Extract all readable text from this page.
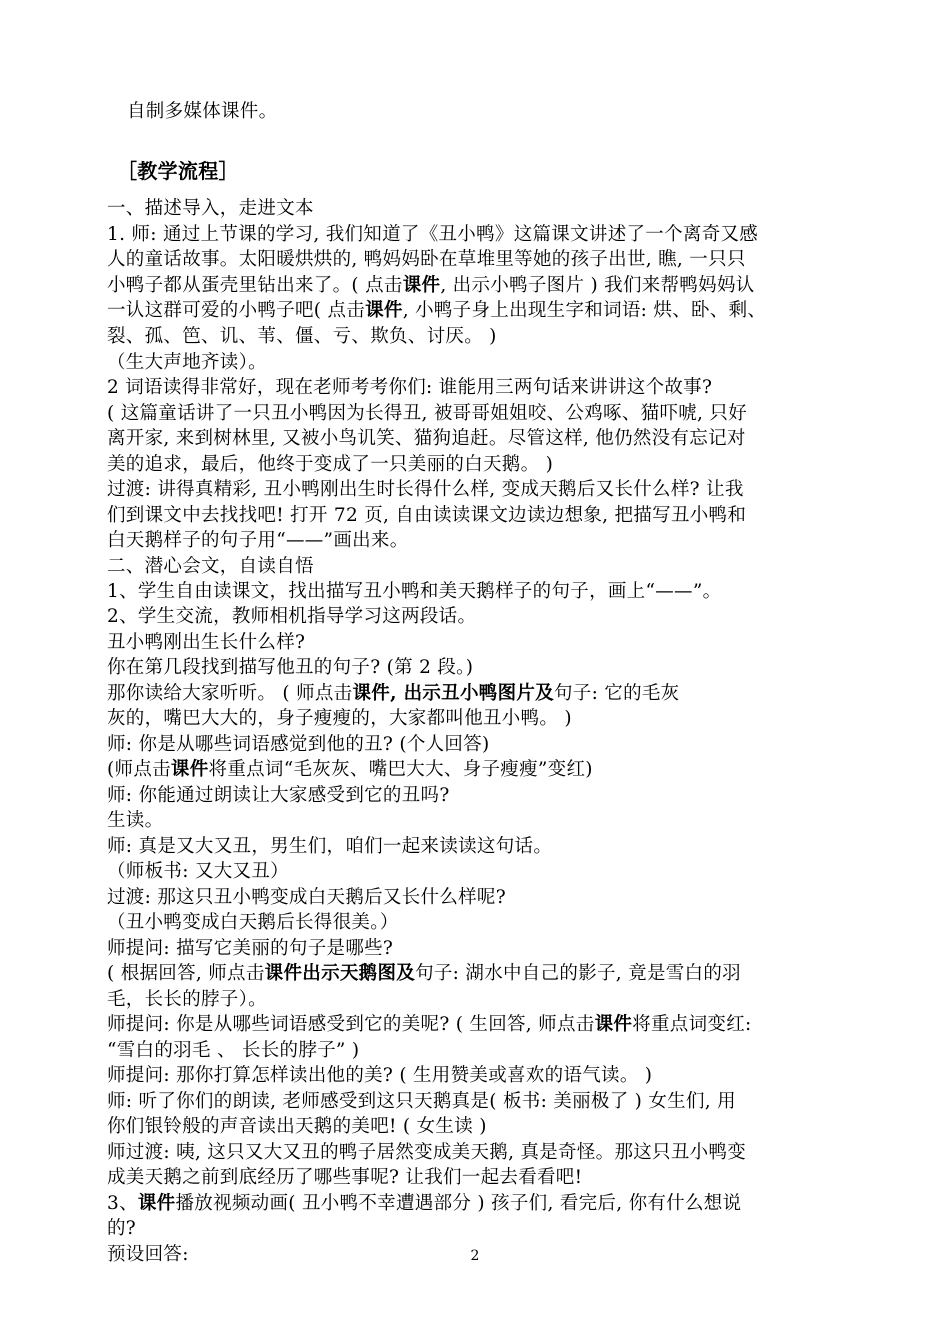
2
自制多媒体课件。
［教学流程］
一、描述导入，走进文本
1. 师: 通过上节课的学习, 我们知道了《丑小鸭》这篇课文讲述了一个离奇又感
人的童话故事。太阳暖烘烘的, 鸭妈妈卧在草堆里等她的孩子出世, 瞧, 一只只
小鸭子都从蛋壳里钻出来了。( 点击课件, 出示小鸭子图片 ) 我们来帮鸭妈妈认
一认这群可爱的小鸭子吧( 点击课件, 小鸭子身上出现生字和词语: 烘、卧、剩、
裂、孤、笆、讥、苇、僵、亏、欺负、讨厌。 )
（生大声地齐读）。
2 词语读得非常好，现在老师考考你们: 谁能用三两句话来讲讲这个故事?
( 这篇童话讲了一只丑小鸭因为长得丑, 被哥哥姐姐咬、公鸡啄、猫吓唬, 只好
离开家, 来到树林里, 又被小鸟讥笑、猫狗追赶。尽管这样, 他仍然没有忘记对
美的追求，最后，他终于变成了一只美丽的白天鹅。 )
过渡: 讲得真精彩, 丑小鸭刚出生时长得什么样, 变成天鹅后又长什么样? 让我
们到课文中去找找吧! 打开 72 页, 自由读读课文边读边想象, 把描写丑小鸭和
白天鹅样子的句子用“——”画出来。
二、潜心会文，自读自悟
1、学生自由读课文，找出描写丑小鸭和美天鹅样子的句子，画上“——”。
2、学生交流，教师相机指导学习这两段话。
丑小鸭刚出生长什么样?
你在第几段找到描写他丑的句子? (第 2 段。)
那你读给大家听听。 ( 师点击课件, 出示丑小鸭图片及句子: 它的毛灰
灰的，嘴巴大大的，身子瘦瘦的，大家都叫他丑小鸭。 )
师: 你是从哪些词语感觉到他的丑? (个人回答)
(师点击课件将重点词“毛灰灰、嘴巴大大、身子瘦瘦”变红)
师: 你能通过朗读让大家感受到它的丑吗?
生读。
师: 真是又大又丑，男生们，咱们一起来读读这句话。
（师板书: 又大又丑）
过渡: 那这只丑小鸭变成白天鹅后又长什么样呢?
（丑小鸭变成白天鹅后长得很美。）
师提问: 描写它美丽的句子是哪些?
( 根据回答, 师点击课件出示天鹅图及句子: 湖水中自己的影子, 竟是雪白的羽
毛，长长的脖子）。
师提问: 你是从哪些词语感受到它的美呢? ( 生回答, 师点击课件将重点词变红:
“雪白的羽毛 、 长长的脖子” )
师提问: 那你打算怎样读出他的美? ( 生用赞美或喜欢的语气读。 )
师: 听了你们的朗读, 老师感受到这只天鹅真是( 板书: 美丽极了 ) 女生们, 用
你们银铃般的声音读出天鹅的美吧! ( 女生读 )
师过渡: 咦, 这只又大又丑的鸭子居然变成美天鹅, 真是奇怪。那这只丑小鸭变
成美天鹅之前到底经历了哪些事呢? 让我们一起去看看吧!
3、课件播放视频动画( 丑小鸭不幸遭遇部分 ) 孩子们, 看完后, 你有什么想说
的?
预设回答:
